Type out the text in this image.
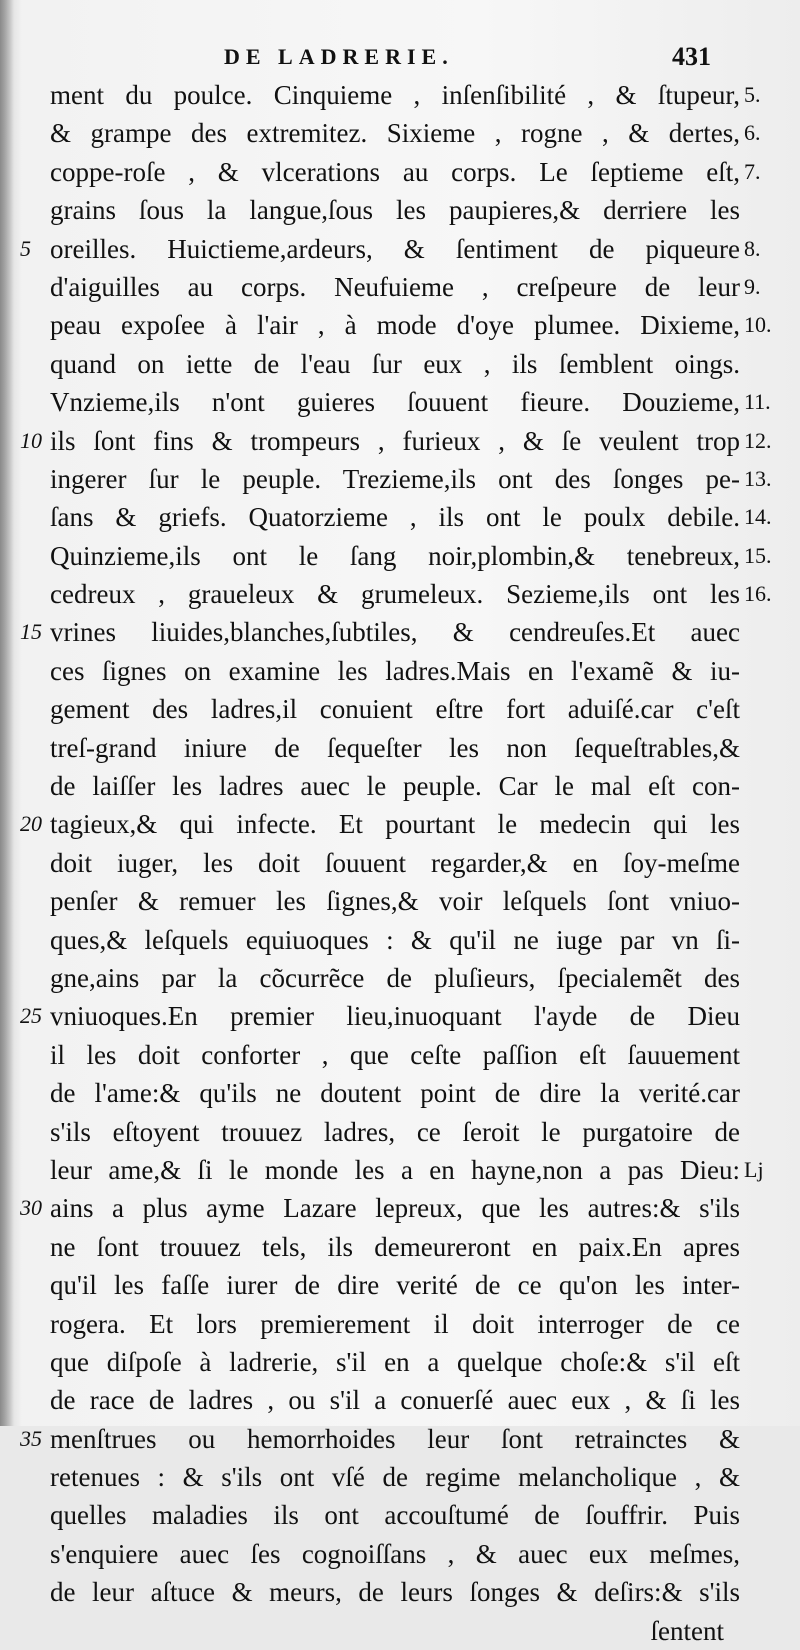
DE LADRERIE.	431
ment du poulce. Cinquieme , inſenſibilité , & ſtupeur, 5.
& grampe des extremitez. Sixieme , rogne , & dertes, 6.
coppe-roſe , & vlcerations au corps. Le ſeptieme eſt, 7.
grains ſous la langue,ſous les paupieres,& derriere les
5 oreilles. Huictieme,ardeurs, & ſentiment de piqueure 8.
d'aiguilles au corps. Neufuieme , creſpeure de leur 9.
peau expoſee à l'air , à mode d'oye plumee. Dixieme, 10.
quand on iette de l'eau ſur eux , ils ſemblent oings.
Vnzieme,ils n'ont guieres ſouuent fieure. Douzieme, 11.
10 ils ſont fins & trompeurs , furieux , & ſe veulent trop 12.
ingerer ſur le peuple. Trezieme,ils ont des ſonges pe- 13.
ſans & griefs. Quatorzieme , ils ont le poulx debile. 14.
Quinzieme,ils ont le ſang noir,plombin,& tenebreux, 15.
cedreux , graueleux & grumeleux. Sezieme,ils ont les 16.
15 vrines liuides,blanches,ſubtiles, & cendreuſes.Et auec
ces ſignes on examine les ladres.Mais en l'examẽ & iu-
gement des ladres,il conuient eſtre fort aduiſé.car c'eſt
treſ-grand iniure de ſequeſter les non ſequeſtrables,&
de laiſſer les ladres auec le peuple. Car le mal eſt con-
20 tagieux,& qui infecte. Et pourtant le medecin qui les
doit iuger, les doit ſouuent regarder,& en ſoy-meſme
penſer & remuer les ſignes,& voir leſquels ſont vniuo-
ques,& leſquels equiuoques : & qu'il ne iuge par vn ſi-
gne,ains par la cõcurrẽce de pluſieurs, ſpecialemẽt des
25 vniuoques.En premier lieu,inuoquant l'ayde de Dieu
il les doit conforter , que ceſte paſſion eſt ſauuement
de l'ame:& qu'ils ne doutent point de dire la verité.car
s'ils eſtoyent trouuez ladres, ce ſeroit le purgatoire de
leur ame,& ſi le monde les a en hayne,non a pas Dieu: Lj
30 ains a plus ayme Lazare lepreux, que les autres:& s'ils
ne ſont trouuez tels, ils demeureront en paix.En apres
qu'il les faſſe iurer de dire verité de ce qu'on les inter-
rogera. Et lors premierement il doit interroger de ce
que diſpoſe à ladrerie, s'il en a quelque choſe:& s'il eſt
de race de ladres , ou s'il a conuerſé auec eux , & ſi les
35 menſtrues ou hemorrhoides leur ſont retrainctes &
retenues : & s'ils ont vſé de regime melancholique , &
quelles maladies ils ont accouſtumé de ſouffrir. Puis
s'enquiere auec ſes cognoiſſans , & auec eux meſmes,
de leur aſtuce & meurs, de leurs ſonges & deſirs:& s'ils
ſentent
